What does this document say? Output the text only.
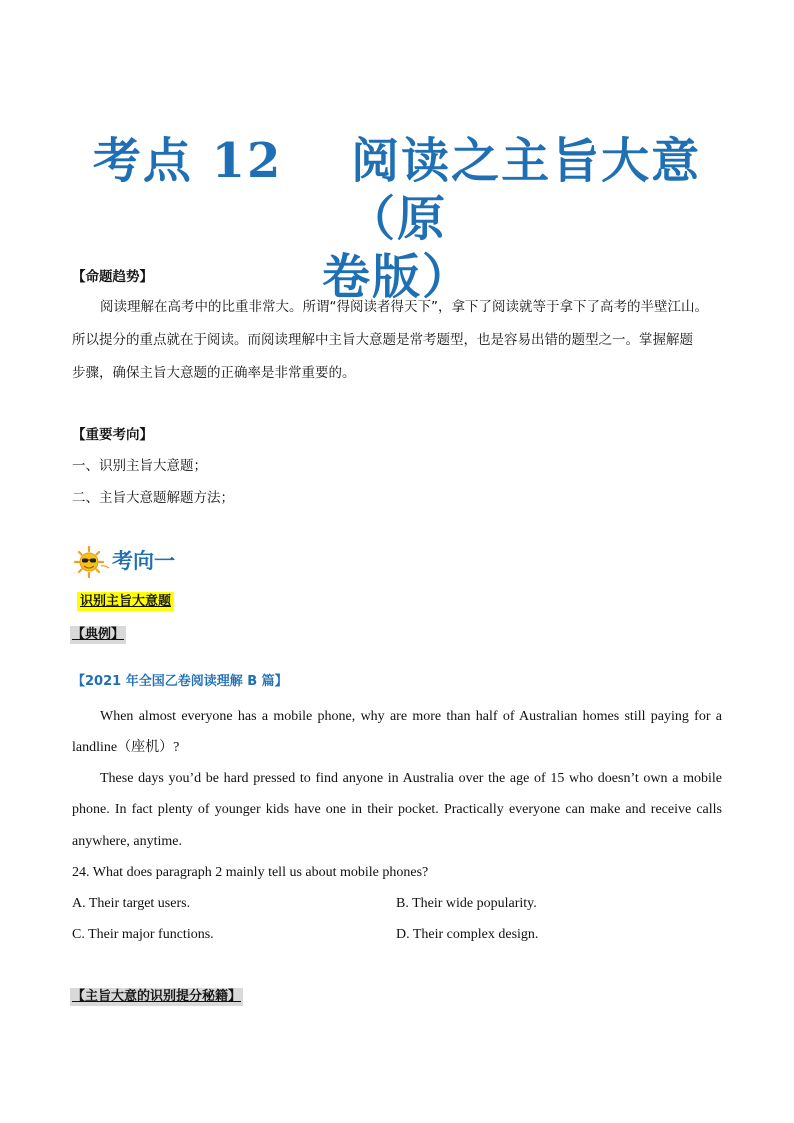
考点 12　 阅读之主旨大意（原
卷版）
【命题趋势】
阅读理解在高考中的比重非常大。所谓“得阅读者得天下”，拿下了阅读就等于拿下了高考的半壁江山。
所以提分的重点就在于阅读。而阅读理解中主旨大意题是常考题型，也是容易出错的题型之一。掌握解题
步骤，确保主旨大意题的正确率是非常重要的。
【重要考向】
一、识别主旨大意题；
二、主旨大意题解题方法；
考向一
识别主旨大意题
【典例】
【2021 年全国乙卷阅读理解 B 篇】
When almost everyone has a mobile phone, why are more than half of Australian homes still paying for a
landline（座机）?
These days you’d be hard pressed to find anyone in Australia over the age of 15 who doesn’t own a mobile
phone. In fact plenty of younger kids have one in their pocket. Practically everyone can make and receive calls
anywhere, anytime.
24. What does paragraph 2 mainly tell us about mobile phones?
A. Their target users.	B. Their wide popularity.
C. Their major functions.	D. Their complex design.
【主旨大意的识别提分秘籍】
